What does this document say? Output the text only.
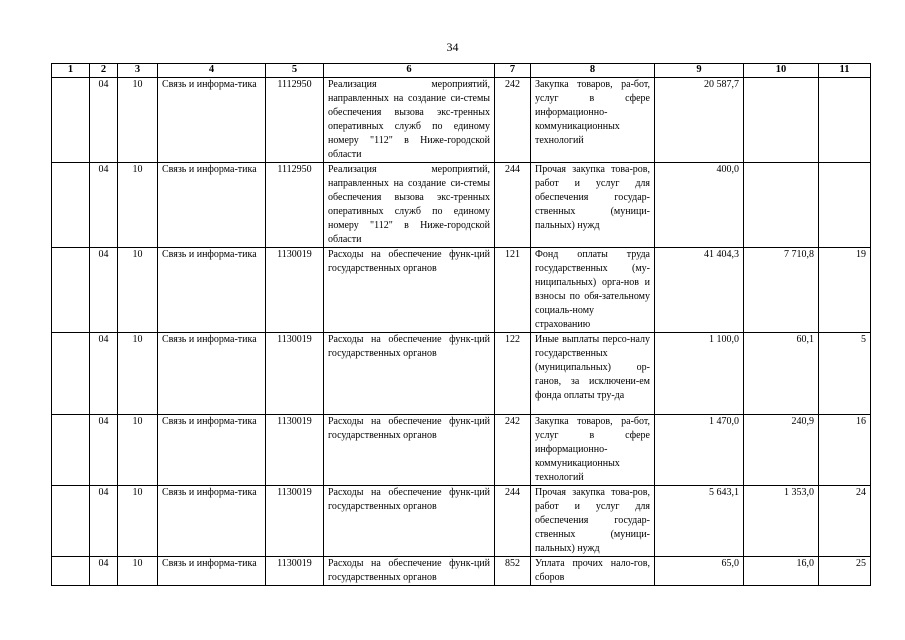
34
1	2	3	4	5	6	7	8	9	10	11
	04	10	Связь и информа-тика	1112950	Реализация мероприятий, направленных на создание си-стемы обеспечения вызова экс-тренных оперативных служб по единому номеру "112" в Ниже-городской области	242	Закупка товаров, ра-бот, услуг в сфере информационно-коммуникационных технологий	20 587,7		
	04	10	Связь и информа-тика	1112950	Реализация мероприятий, направленных на создание си-стемы обеспечения вызова экс-тренных оперативных служб по единому номеру "112" в Ниже-городской области	244	Прочая закупка това-ров, работ и услуг для обеспечения государ-ственных (муници-пальных) нужд	400,0		
	04	10	Связь и информа-тика	1130019	Расходы на обеспечение функ-ций государственных органов	121	Фонд оплаты труда государственных (му-ниципальных) орга-нов и взносы по обя-зательному социаль-ному страхованию	41 404,3	7 710,8	19
	04	10	Связь и информа-тика	1130019	Расходы на обеспечение функ-ций государственных органов	122	Иные выплаты персо-налу государственных (муниципальных) ор-ганов, за исключени-ем фонда оплаты тру-да	1 100,0	60,1	5
	04	10	Связь и информа-тика	1130019	Расходы на обеспечение функ-ций государственных органов	242	Закупка товаров, ра-бот, услуг в сфере информационно-коммуникационных технологий	1 470,0	240,9	16
	04	10	Связь и информа-тика	1130019	Расходы на обеспечение функ-ций государственных органов	244	Прочая закупка това-ров, работ и услуг для обеспечения государ-ственных (муници-пальных) нужд	5 643,1	1 353,0	24
	04	10	Связь и информа-тика	1130019	Расходы на обеспечение функ-ций государственных органов	852	Уплата прочих нало-гов, сборов	65,0	16,0	25
